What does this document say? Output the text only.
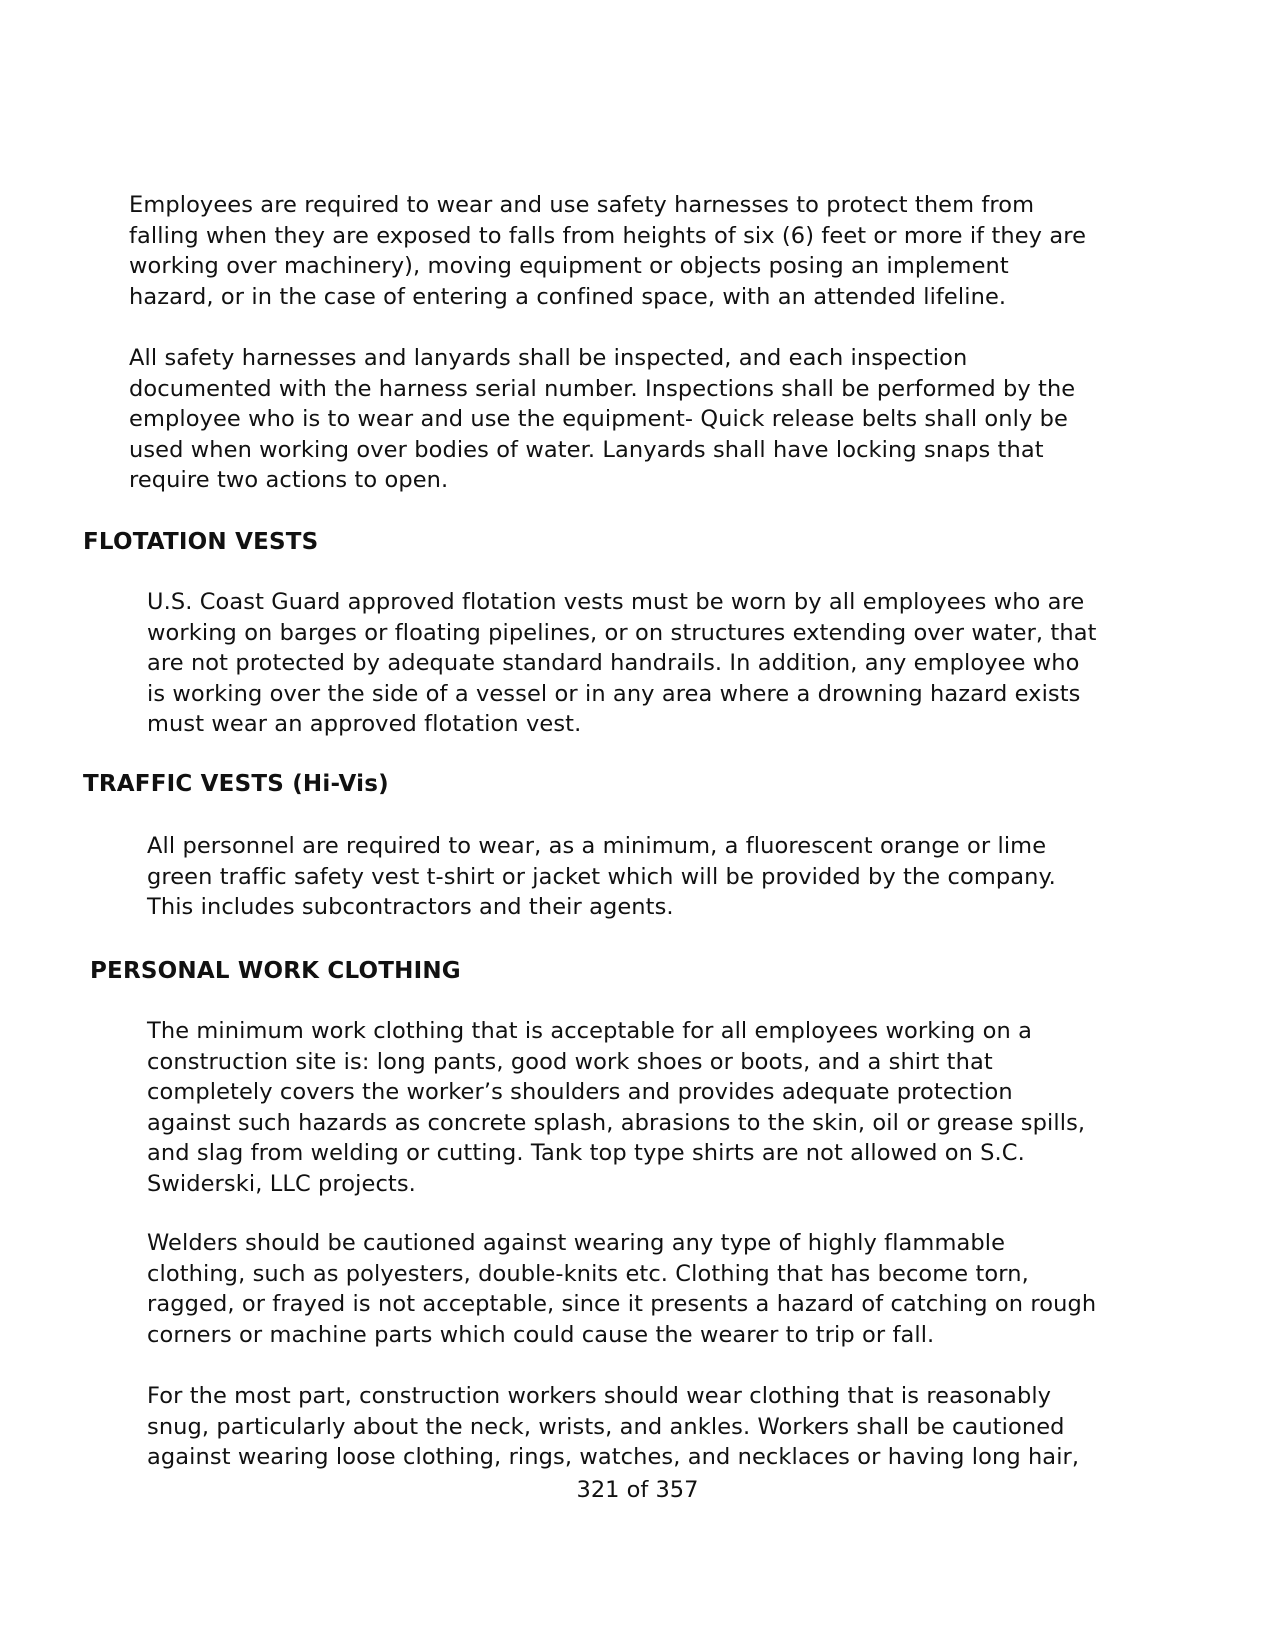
Employees are required to wear and use safety harnesses to protect them from
falling when they are exposed to falls from heights of six (6) feet or more if they are
working over machinery), moving equipment or objects posing an implement
hazard, or in the case of entering a confined space, with an attended lifeline.

All safety harnesses and lanyards shall be inspected, and each inspection
documented with the harness serial number. Inspections shall be performed by the
employee who is to wear and use the equipment- Quick release belts shall only be
used when working over bodies of water. Lanyards shall have locking snaps that
require two actions to open.

FLOTATION VESTS

U.S. Coast Guard approved flotation vests must be worn by all employees who are
working on barges or floating pipelines, or on structures extending over water, that
are not protected by adequate standard handrails. In addition, any employee who
is working over the side of a vessel or in any area where a drowning hazard exists
must wear an approved flotation vest.

TRAFFIC VESTS (Hi-Vis)

All personnel are required to wear, as a minimum, a fluorescent orange or lime
green traffic safety vest t-shirt or jacket which will be provided by the company.
This includes subcontractors and their agents.

PERSONAL WORK CLOTHING

The minimum work clothing that is acceptable for all employees working on a
construction site is: long pants, good work shoes or boots, and a shirt that
completely covers the worker’s shoulders and provides adequate protection
against such hazards as concrete splash, abrasions to the skin, oil or grease spills,
and slag from welding or cutting. Tank top type shirts are not allowed on S.C.
Swiderski, LLC projects.

Welders should be cautioned against wearing any type of highly flammable
clothing, such as polyesters, double-knits etc. Clothing that has become torn,
ragged, or frayed is not acceptable, since it presents a hazard of catching on rough
corners or machine parts which could cause the wearer to trip or fall.

For the most part, construction workers should wear clothing that is reasonably
snug, particularly about the neck, wrists, and ankles. Workers shall be cautioned
against wearing loose clothing, rings, watches, and necklaces or having long hair,

321 of 357
